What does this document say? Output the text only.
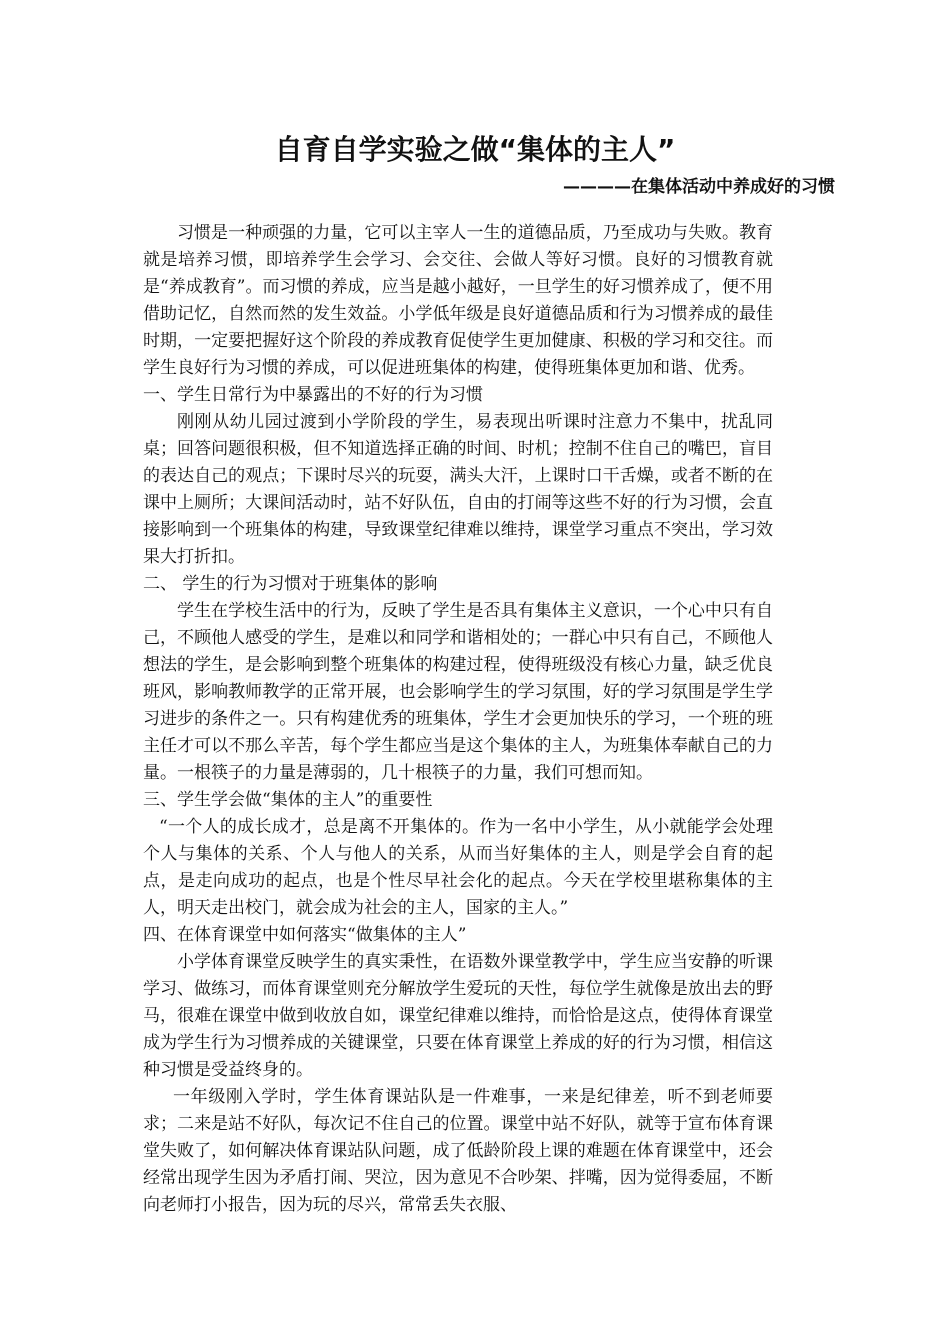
自育自学实验之做“集体的主人”
————在集体活动中养成好的习惯

习惯是一种顽强的力量，它可以主宰人一生的道德品质，乃至成功与失败。教育就是培养习惯，即培养学生会学习、会交往、会做人等好习惯。良好的习惯教育就是“养成教育”。而习惯的养成，应当是越小越好，一旦学生的好习惯养成了，便不用借助记忆，自然而然的发生效益。小学低年级是良好道德品质和行为习惯养成的最佳时期，一定要把握好这个阶段的养成教育促使学生更加健康、积极的学习和交往。而学生良好行为习惯的养成，可以促进班集体的构建，使得班集体更加和谐、优秀。

一、学生日常行为中暴露出的不好的行为习惯

刚刚从幼儿园过渡到小学阶段的学生，易表现出听课时注意力不集中，扰乱同桌；回答问题很积极，但不知道选择正确的时间、时机；控制不住自己的嘴巴，盲目的表达自己的观点；下课时尽兴的玩耍，满头大汗，上课时口干舌燥，或者不断的在课中上厕所；大课间活动时，站不好队伍，自由的打闹等这些不好的行为习惯，会直接影响到一个班集体的构建，导致课堂纪律难以维持，课堂学习重点不突出，学习效果大打折扣。

二、 学生的行为习惯对于班集体的影响

学生在学校生活中的行为，反映了学生是否具有集体主义意识，一个心中只有自己，不顾他人感受的学生，是难以和同学和谐相处的；一群心中只有自己，不顾他人想法的学生，是会影响到整个班集体的构建过程，使得班级没有核心力量，缺乏优良班风，影响教师教学的正常开展，也会影响学生的学习氛围，好的学习氛围是学生学习进步的条件之一。只有构建优秀的班集体，学生才会更加快乐的学习，一个班的班主任才可以不那么辛苦，每个学生都应当是这个集体的主人，为班集体奉献自己的力量。一根筷子的力量是薄弱的，几十根筷子的力量，我们可想而知。

三、学生学会做“集体的主人”的重要性

“一个人的成长成才，总是离不开集体的。作为一名中小学生，从小就能学会处理个人与集体的关系、个人与他人的关系，从而当好集体的主人，则是学会自育的起点，是走向成功的起点，也是个性尽早社会化的起点。今天在学校里堪称集体的主人，明天走出校门，就会成为社会的主人，国家的主人。”

四、在体育课堂中如何落实“做集体的主人”

小学体育课堂反映学生的真实秉性，在语数外课堂教学中，学生应当安静的听课学习、做练习，而体育课堂则充分解放学生爱玩的天性，每位学生就像是放出去的野马，很难在课堂中做到收放自如，课堂纪律难以维持，而恰恰是这点，使得体育课堂成为学生行为习惯养成的关键课堂，只要在体育课堂上养成的好的行为习惯，相信这种习惯是受益终身的。

一年级刚入学时，学生体育课站队是一件难事，一来是纪律差，听不到老师要求；二来是站不好队，每次记不住自己的位置。课堂中站不好队，就等于宣布体育课堂失败了，如何解决体育课站队问题，成了低龄阶段上课的难题在体育课堂中，还会经常出现学生因为矛盾打闹、哭泣，因为意见不合吵架、拌嘴，因为觉得委屈，不断向老师打小报告，因为玩的尽兴，常常丢失衣服、
